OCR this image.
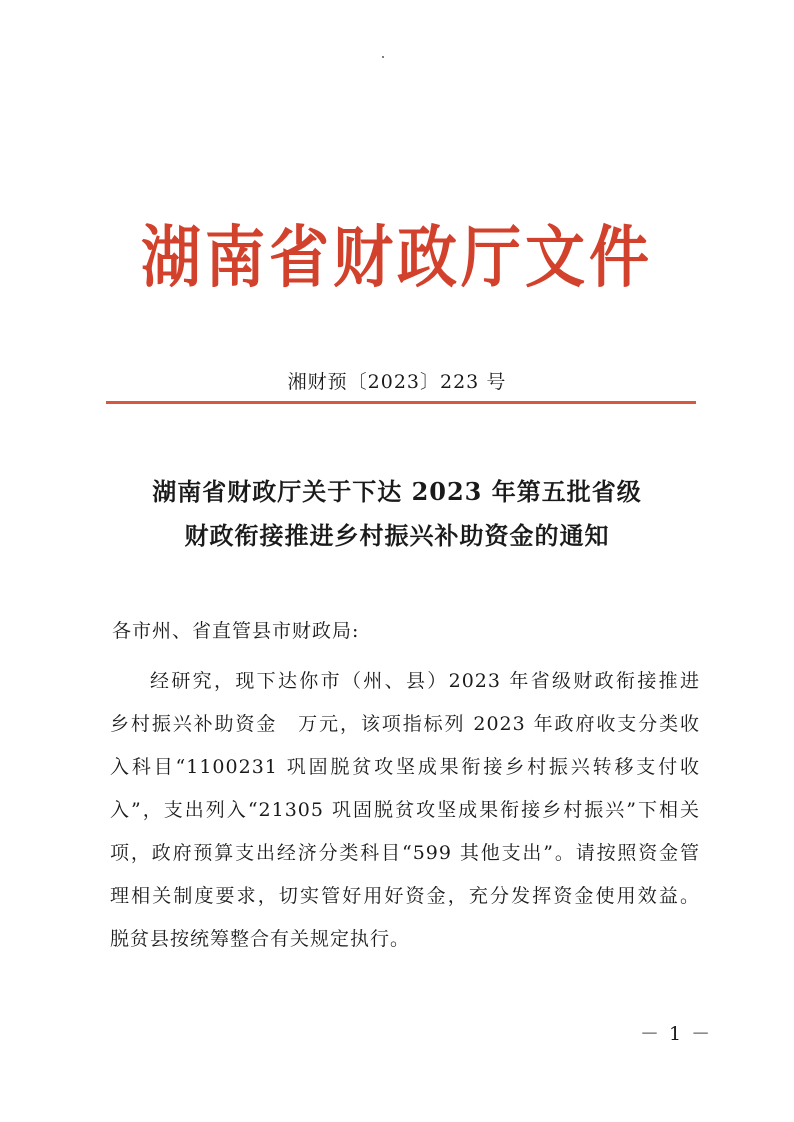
湖南省财政厅文件
湘财预〔2023〕223 号
湖南省财政厅关于下达 2023 年第五批省级
财政衔接推进乡村振兴补助资金的通知
各市州、省直管县市财政局:
经研究，现下达你市（州、县）2023 年省级财政衔接推进
乡村振兴补助资金　万元，该项指标列 2023 年政府收支分类收
入科目“1100231 巩固脱贫攻坚成果衔接乡村振兴转移支付收
入”，支出列入“21305 巩固脱贫攻坚成果衔接乡村振兴”下相关
项，政府预算支出经济分类科目“599 其他支出”。请按照资金管
理相关制度要求，切实管好用好资金，充分发挥资金使用效益。
脱贫县按统筹整合有关规定执行。
－ 1 －
